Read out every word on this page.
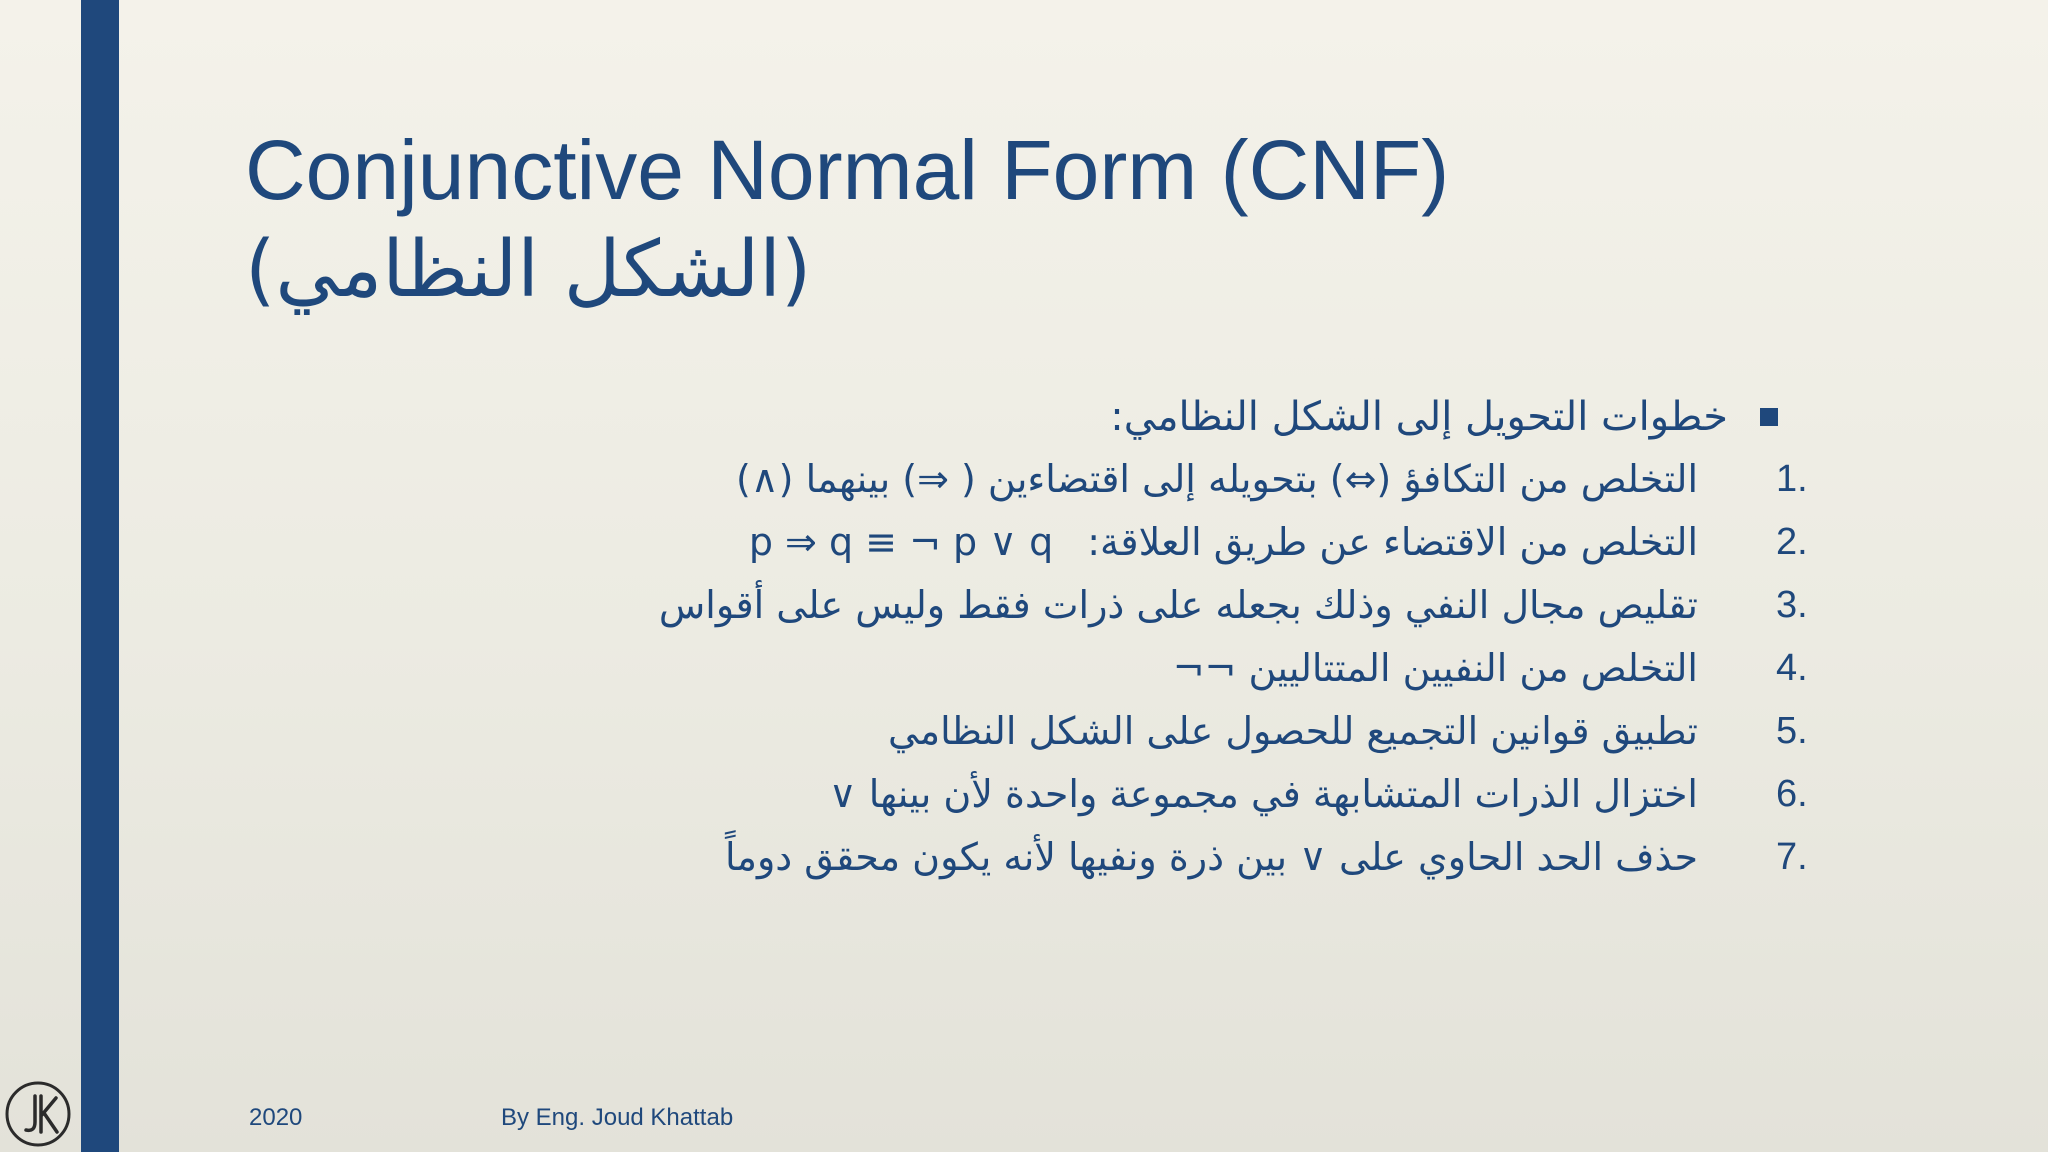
Conjunctive Normal Form (CNF)
(الشكل النظامي)
خطوات التحويل إلى الشكل النظامي:
1.
التخلص من التكافؤ (⇔) بتحويله إلى اقتضاءين ( ⇒) بينهما (∧)
2.
التخلص من الاقتضاء عن طريق العلاقة:
p ⇒ q ≡ ¬ p ∨ q
3.
تقليص مجال النفي وذلك بجعله على ذرات فقط وليس على أقواس
4.
التخلص من النفيين المتتاليين ¬¬
5.
تطبيق قوانين التجميع للحصول على الشكل النظامي
6.
اختزال الذرات المتشابهة في مجموعة واحدة لأن بينها ∨
7.
حذف الحد الحاوي على ∨ بين ذرة ونفيها لأنه يكون محقق دوماً
2020	By Eng. Joud Khattab
